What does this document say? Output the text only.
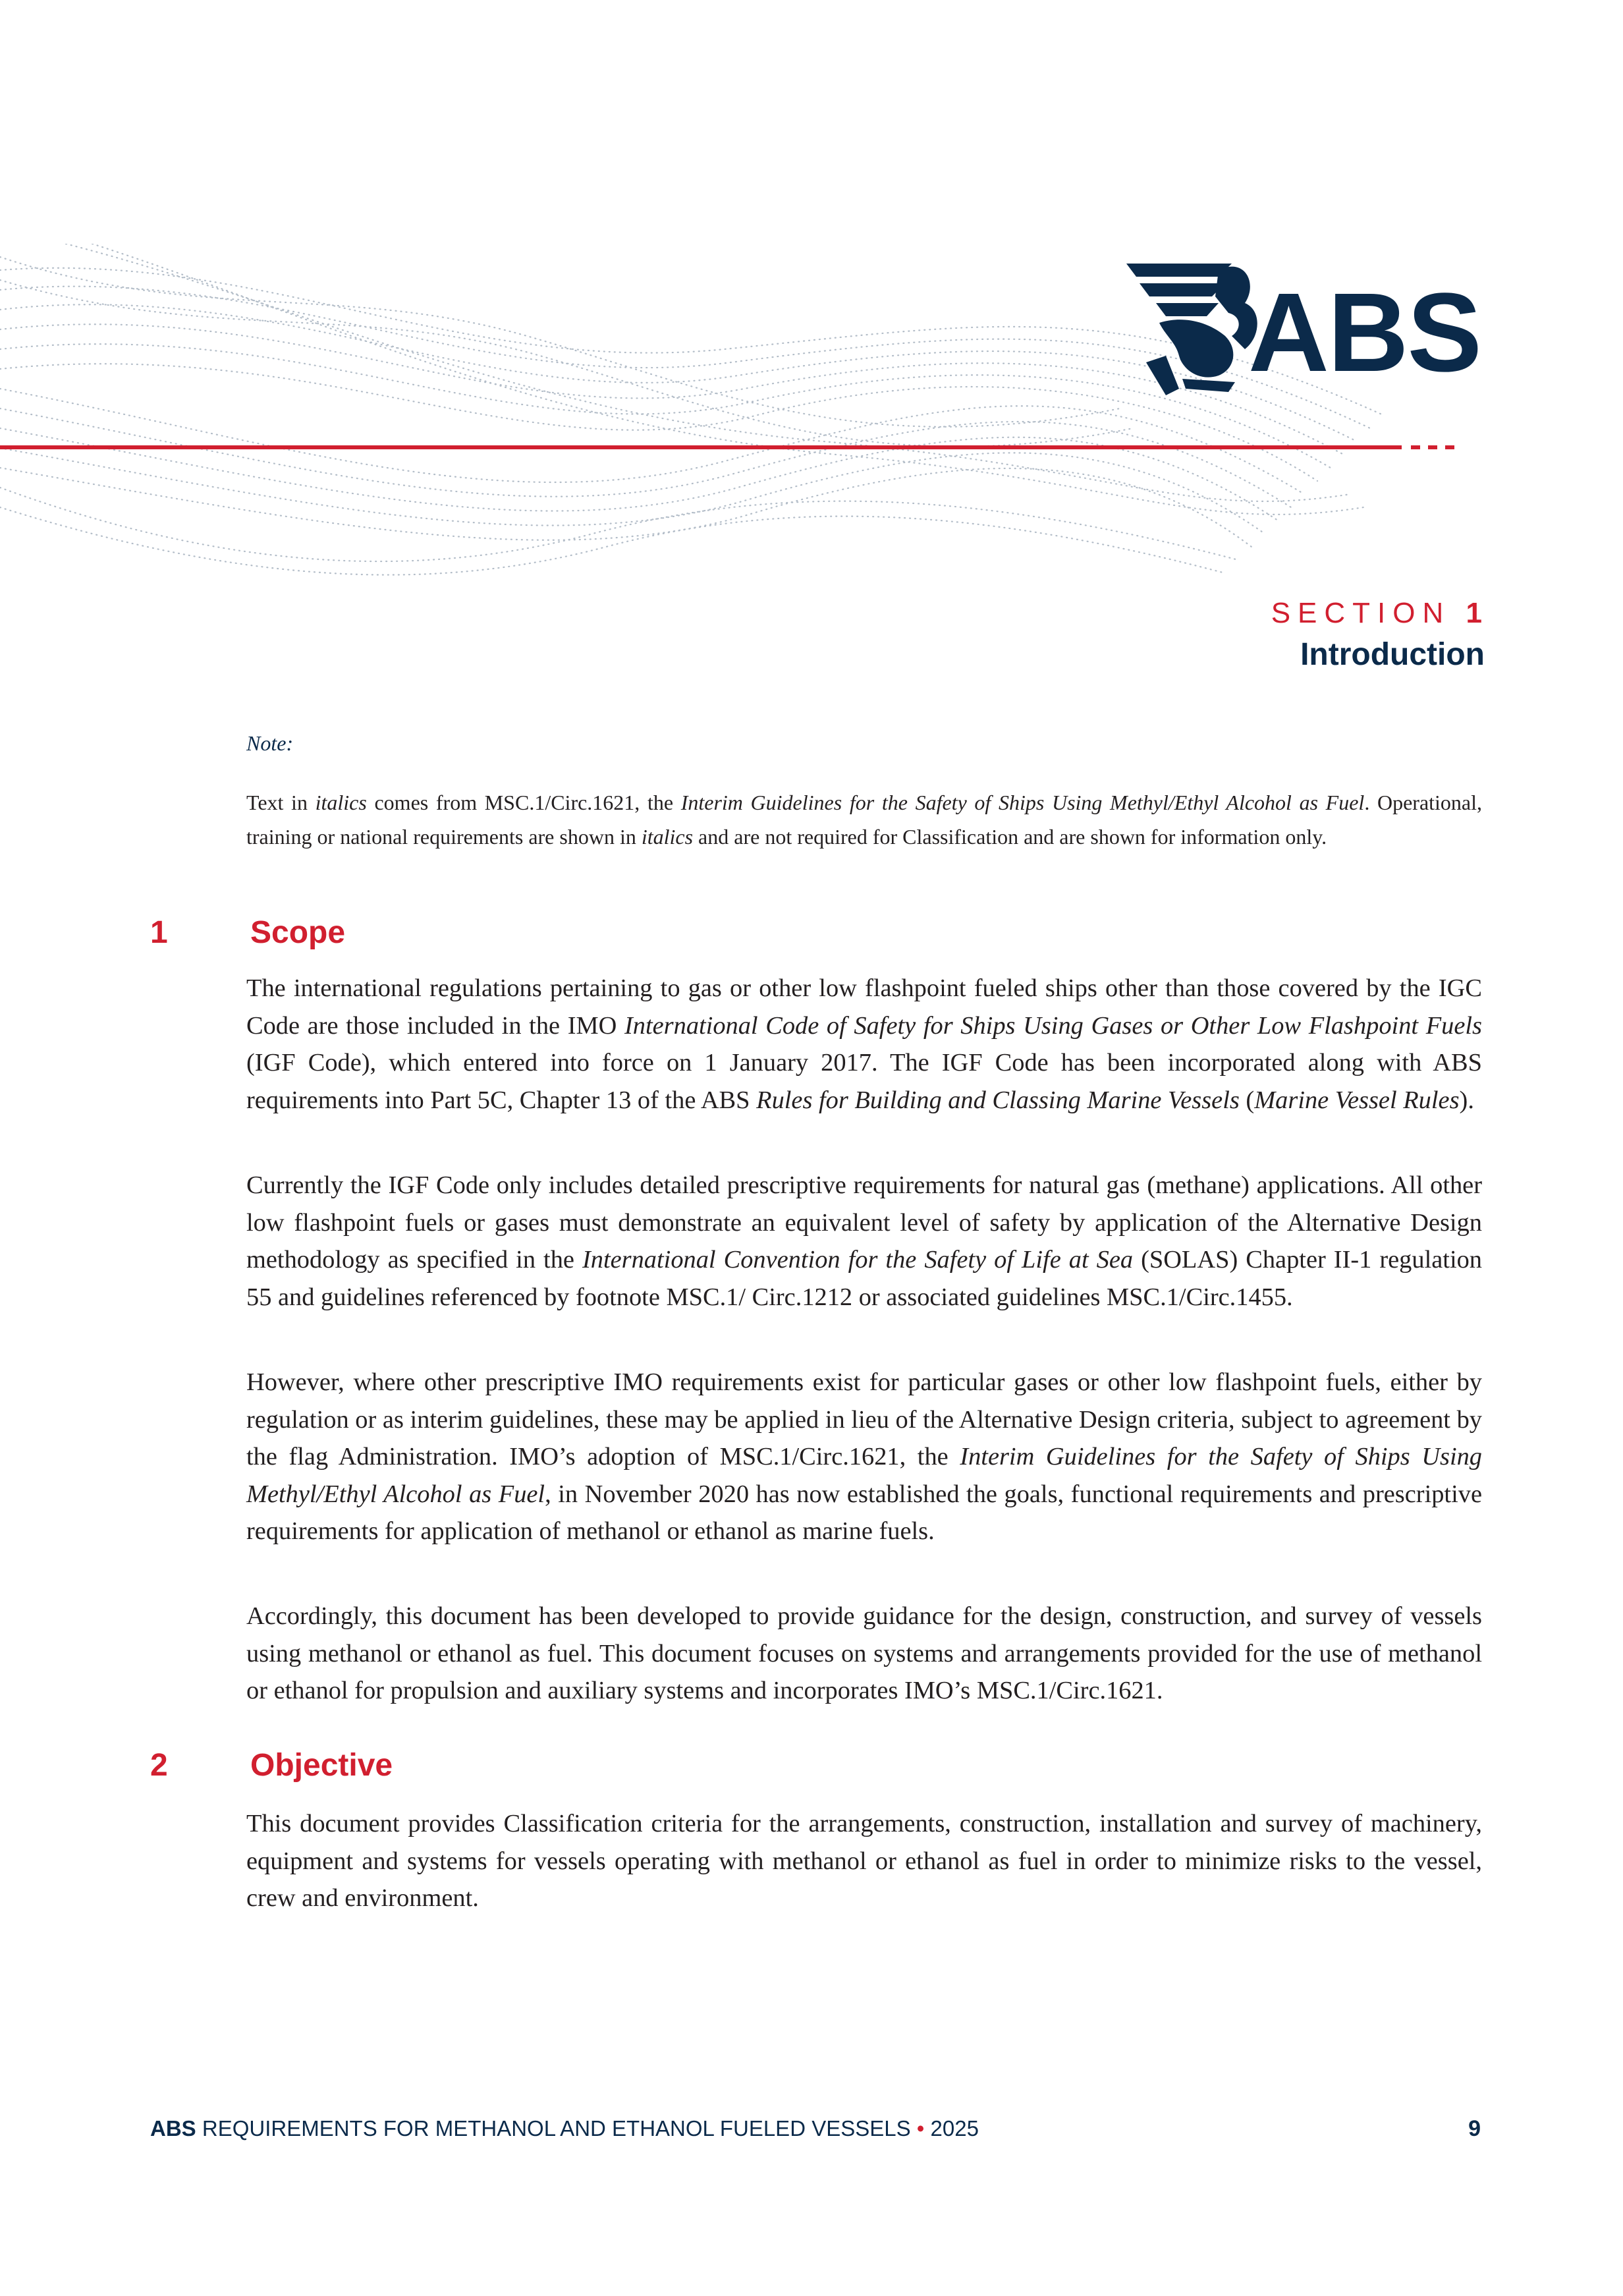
ABS
SECTION 1
Introduction
Note:
Text in italics comes from MSC.1/Circ.1621, the Interim Guidelines for the Safety of Ships Using Methyl/Ethyl Alcohol as Fuel. Operational, training or national requirements are shown in italics and are not required for Classification and are shown for information only.
1	Scope
The international regulations pertaining to gas or other low flashpoint fueled ships other than those covered by the IGC Code are those included in the IMO International Code of Safety for Ships Using Gases or Other Low Flashpoint Fuels (IGF Code), which entered into force on 1 January 2017. The IGF Code has been incorporated along with ABS requirements into Part 5C, Chapter 13 of the ABS Rules for Building and Classing Marine Vessels (Marine Vessel Rules).
Currently the IGF Code only includes detailed prescriptive requirements for natural gas (methane) applications. All other low flashpoint fuels or gases must demonstrate an equivalent level of safety by application of the Alternative Design methodology as specified in the International Convention for the Safety of Life at Sea (SOLAS) Chapter II-1 regulation 55 and guidelines referenced by footnote MSC.1/ Circ.1212 or associated guidelines MSC.1/Circ.1455.
However, where other prescriptive IMO requirements exist for particular gases or other low flashpoint fuels, either by regulation or as interim guidelines, these may be applied in lieu of the Alternative Design criteria, subject to agreement by the flag Administration. IMO’s adoption of MSC.1/Circ.1621, the Interim Guidelines for the Safety of Ships Using Methyl/Ethyl Alcohol as Fuel, in November 2020 has now established the goals, functional requirements and prescriptive requirements for application of methanol or ethanol as marine fuels.
Accordingly, this document has been developed to provide guidance for the design, construction, and survey of vessels using methanol or ethanol as fuel. This document focuses on systems and arrangements provided for the use of methanol or ethanol for propulsion and auxiliary systems and incorporates IMO’s MSC.1/Circ.1621.
2	Objective
This document provides Classification criteria for the arrangements, construction, installation and survey of machinery, equipment and systems for vessels operating with methanol or ethanol as fuel in order to minimize risks to the vessel, crew and environment.
ABS REQUIREMENTS FOR METHANOL AND ETHANOL FUELED VESSELS • 2025	9
